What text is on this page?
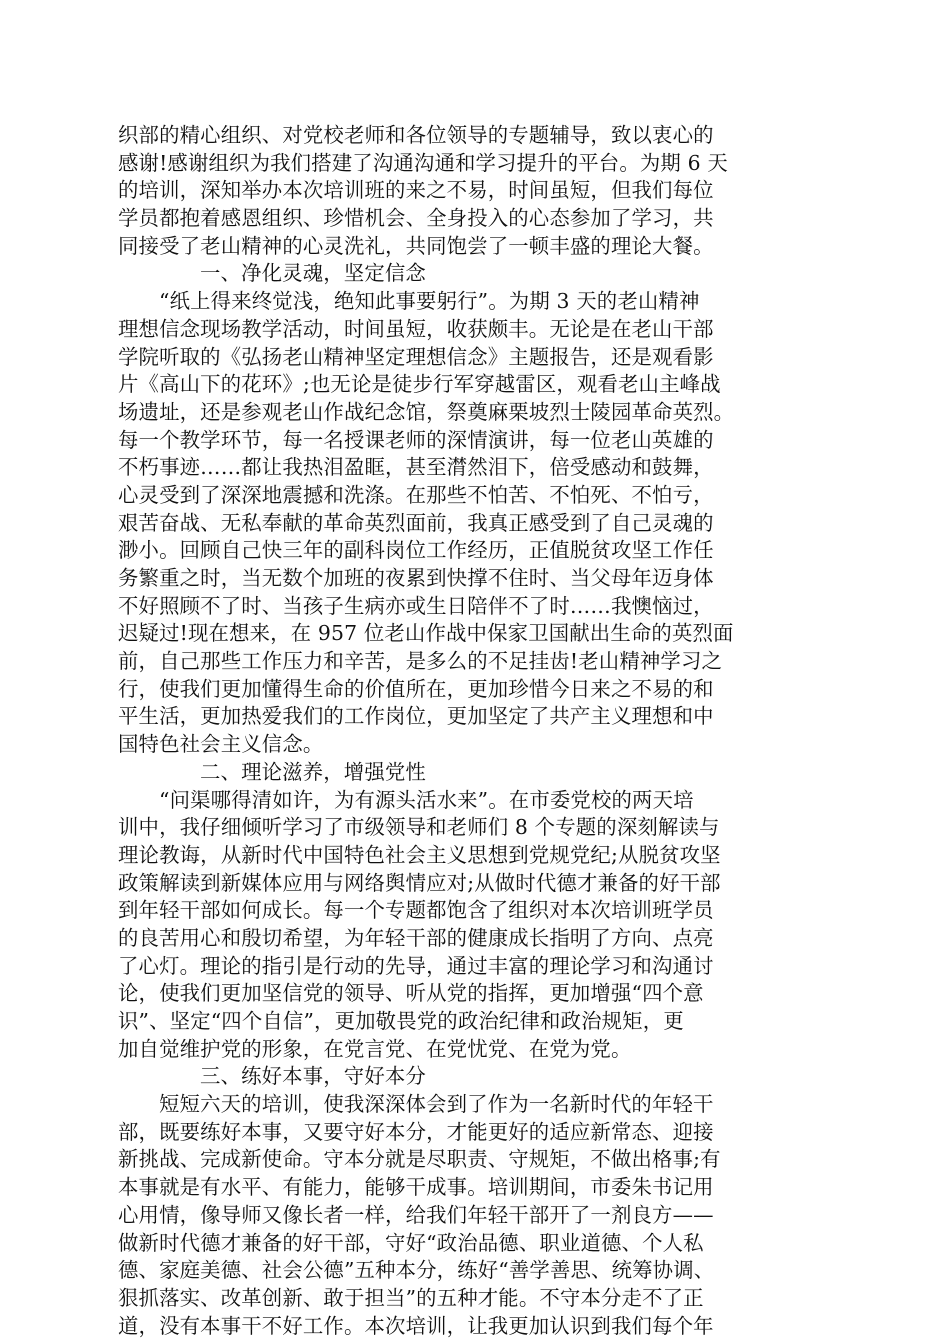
织部的精心组织、对党校老师和各位领导的专题辅导，致以衷心的
感谢!感谢组织为我们搭建了沟通沟通和学习提升的平台。为期 6 天
的培训，深知举办本次培训班的来之不易，时间虽短，但我们每位
学员都抱着感恩组织、珍惜机会、全身投入的心态参加了学习，共
同接受了老山精神的心灵洗礼，共同饱尝了一顿丰盛的理论大餐。
一、净化灵魂，坚定信念
“纸上得来终觉浅，绝知此事要躬行”。为期 3 天的老山精神
理想信念现场教学活动，时间虽短，收获颇丰。无论是在老山干部
学院听取的《弘扬老山精神坚定理想信念》主题报告，还是观看影
片《高山下的花环》;也无论是徒步行军穿越雷区，观看老山主峰战
场遗址，还是参观老山作战纪念馆，祭奠麻栗坡烈士陵园革命英烈。
每一个教学环节，每一名授课老师的深情演讲，每一位老山英雄的
不朽事迹……都让我热泪盈眶，甚至潸然泪下，倍受感动和鼓舞，
心灵受到了深深地震撼和洗涤。在那些不怕苦、不怕死、不怕亏，
艰苦奋战、无私奉献的革命英烈面前，我真正感受到了自己灵魂的
渺小。回顾自己快三年的副科岗位工作经历，正值脱贫攻坚工作任
务繁重之时，当无数个加班的夜累到快撑不住时、当父母年迈身体
不好照顾不了时、当孩子生病亦或生日陪伴不了时……我懊恼过，
迟疑过!现在想来，在 957 位老山作战中保家卫国献出生命的英烈面
前，自己那些工作压力和辛苦，是多么的不足挂齿!老山精神学习之
行，使我们更加懂得生命的价值所在，更加珍惜今日来之不易的和
平生活，更加热爱我们的工作岗位，更加坚定了共产主义理想和中
国特色社会主义信念。
二、理论滋养，增强党性
“问渠哪得清如许，为有源头活水来”。在市委党校的两天培
训中，我仔细倾听学习了市级领导和老师们 8 个专题的深刻解读与
理论教诲，从新时代中国特色社会主义思想到党规党纪;从脱贫攻坚
政策解读到新媒体应用与网络舆情应对;从做时代德才兼备的好干部
到年轻干部如何成长。每一个专题都饱含了组织对本次培训班学员
的良苦用心和殷切希望，为年轻干部的健康成长指明了方向、点亮
了心灯。理论的指引是行动的先导，通过丰富的理论学习和沟通讨
论，使我们更加坚信党的领导、听从党的指挥，更加增强“四个意
识”、坚定“四个自信”，更加敬畏党的政治纪律和政治规矩，更
加自觉维护党的形象，在党言党、在党忧党、在党为党。
三、练好本事，守好本分
短短六天的培训，使我深深体会到了作为一名新时代的年轻干
部，既要练好本事，又要守好本分，才能更好的适应新常态、迎接
新挑战、完成新使命。守本分就是尽职责、守规矩，不做出格事;有
本事就是有水平、有能力，能够干成事。培训期间，市委朱书记用
心用情，像导师又像长者一样，给我们年轻干部开了一剂良方——
做新时代德才兼备的好干部，守好“政治品德、职业道德、个人私
德、家庭美德、社会公德”五种本分，练好“善学善思、统筹协调、
狠抓落实、改革创新、敢于担当”的五种才能。不守本分走不了正
道，没有本事干不好工作。本次培训，让我更加认识到我们每个年
